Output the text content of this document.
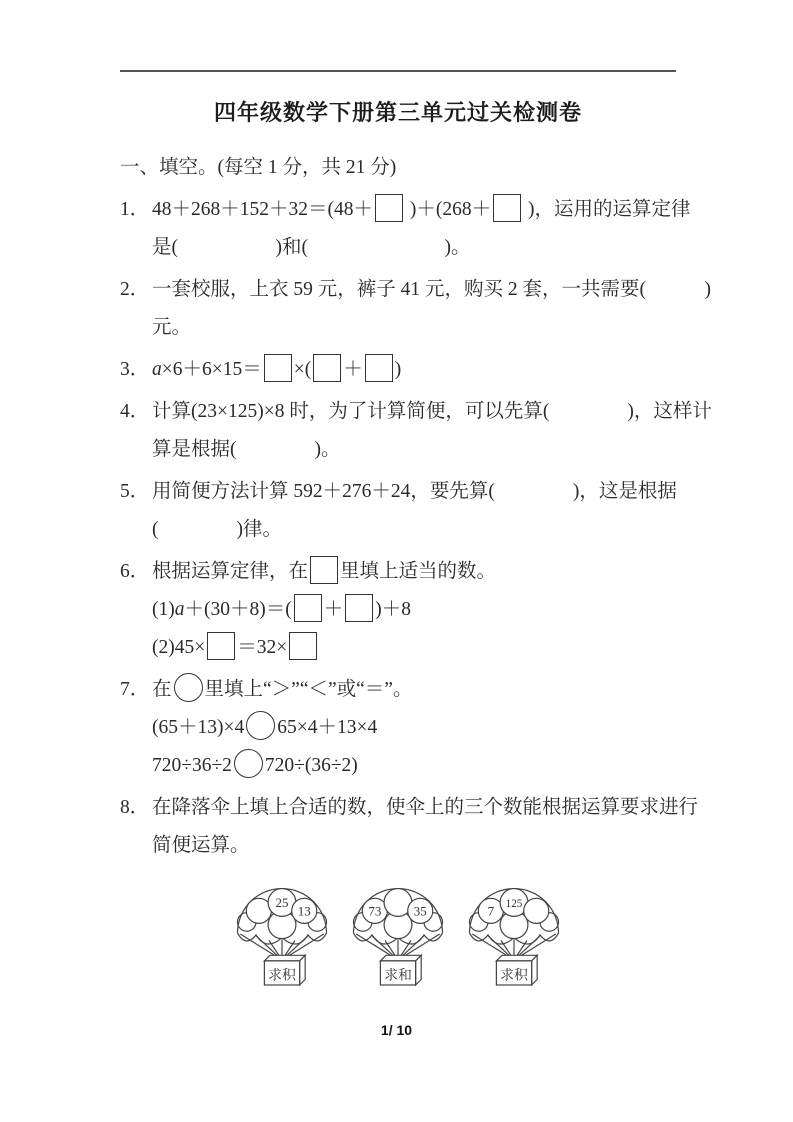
四年级数学下册第三单元过关检测卷

一、填空。(每空 1 分，共 21 分)

1． 48＋268＋152＋32＝(48＋ )＋(268＋ )，运用的运算定律
是(　　　　　)和(　　　　　　　)。
2． 一套校服，上衣 59 元，裤子 41 元，购买 2 套，一共需要(　　　)
元。
3． a×6＋6×15＝ ×( ＋ )
4． 计算(23×125)×8 时，为了计算简便，可以先算(　　　　)，这样计
算是根据(　　　　)。
5． 用简便方法计算 592＋276＋24，要先算(　　　　)，这是根据
(　　　　)律。
6． 根据运算定律，在 里填上适当的数。
(1)a＋(30＋8)＝( ＋ )＋8
(2)45× ＝32×
7． 在 里填上“＞”“＜”或“＝”。
(65＋13)×4 65×4＋13×4
720÷36÷2 720÷(36÷2)
8． 在降落伞上填上合适的数，使伞上的三个数能根据运算要求进行
简便运算。
25
13
求积
73 35
求和
7 125
求积
1/ 10
